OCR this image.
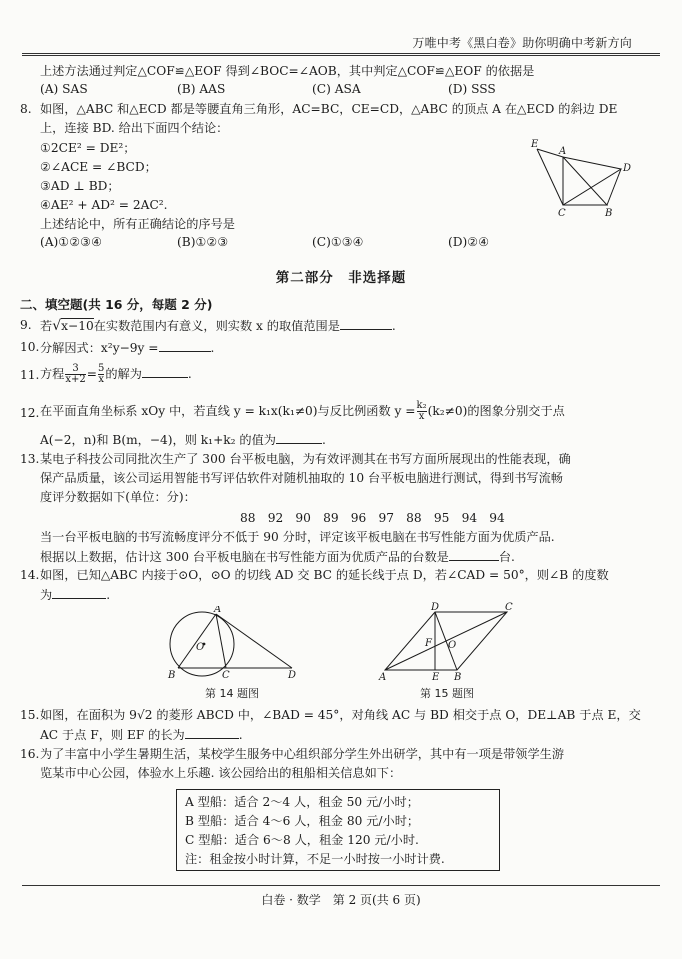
万唯中考《黑白卷》助你明确中考新方向
上述方法通过判定△COF≌△EOF 得到∠BOC=∠AOB，其中判定△COF≌△EOF 的依据是
(A) SAS	(B) AAS	(C) ASA	(D) SSS
8. 如图，△ABC 和△ECD 都是等腰直角三角形，AC=BC，CE=CD，△ABC 的顶点 A 在△ECD 的斜边 DE
上，连接 BD. 给出下面四个结论：
①2CE² = DE²；
②∠ACE = ∠BCD；
③AD ⊥ BD；
④AE² + AD² = 2AC².
上述结论中，所有正确结论的序号是
(A)①②③④	(B)①②③	(C)①③④	(D)②④
E
A
D
C	B
第二部分　非选择题
二、填空题(共 16 分，每题 2 分)
9. 若√x−10在实数范围内有意义，则实数 x 的取值范围是	.
10. 分解因式：x²y−9y =	.
11. 方程 $\frac{3}{x+2} = \frac{5}{x}$ 的解为	.
12. 在平面直角坐标系 xOy 中，若直线 y = k₁x(k₁≠0)与反比例函数 $y = \frac{\text{k₂}}{x} (k_2\ne 0)$的图象分别交于点
A(−2，n)和 B(m，−4)，则 k₁+k₂ 的值为	.
13. 某电子科技公司同批次生产了 300 台平板电脑，为有效评测其在书写方面所展现出的性能表现，确
保产品质量，该公司运用智能书写评估软件对随机抽取的 10 台平板电脑进行测试，得到书写流畅
度评分数据如下(单位：分)：
88　92　90　89　96　97　88　95　94　94
当一台平板电脑的书写流畅度评分不低于 90 分时，评定该平板电脑在书写性能方面为优质产品.
根据以上数据，估计这 300 台平板电脑在书写性能方面为优质产品的台数是	台.
14. 如图，已知△ABC 内接于⊙O，⊙O 的切线 AD 交 BC 的延长线于点 D，若∠CAD = 50°，则∠B 的度数
为	.
A
O
B	C	D
第 14 题图
D	C
F O
A	E B
第 15 题图
15. 如图，在面积为 9√2 的菱形 ABCD 中，∠BAD = 45°，对角线 AC 与 BD 相交于点 O，DE⊥AB 于点 E，交
AC 于点 F，则 EF 的长为	.
16. 为了丰富中小学生暑期生活，某校学生服务中心组织部分学生外出研学，其中有一项是带领学生游
览某市中心公园，体验水上乐趣. 该公园给出的租船相关信息如下：
A 型船：适合 2～4 人，租金 50 元/小时；
B 型船：适合 4～6 人，租金 80 元/小时；
C 型船：适合 6～8 人，租金 120 元/小时.
注：租金按小时计算，不足一小时按一小时计费.
白卷 · 数学　第 2 页(共 6 页)
